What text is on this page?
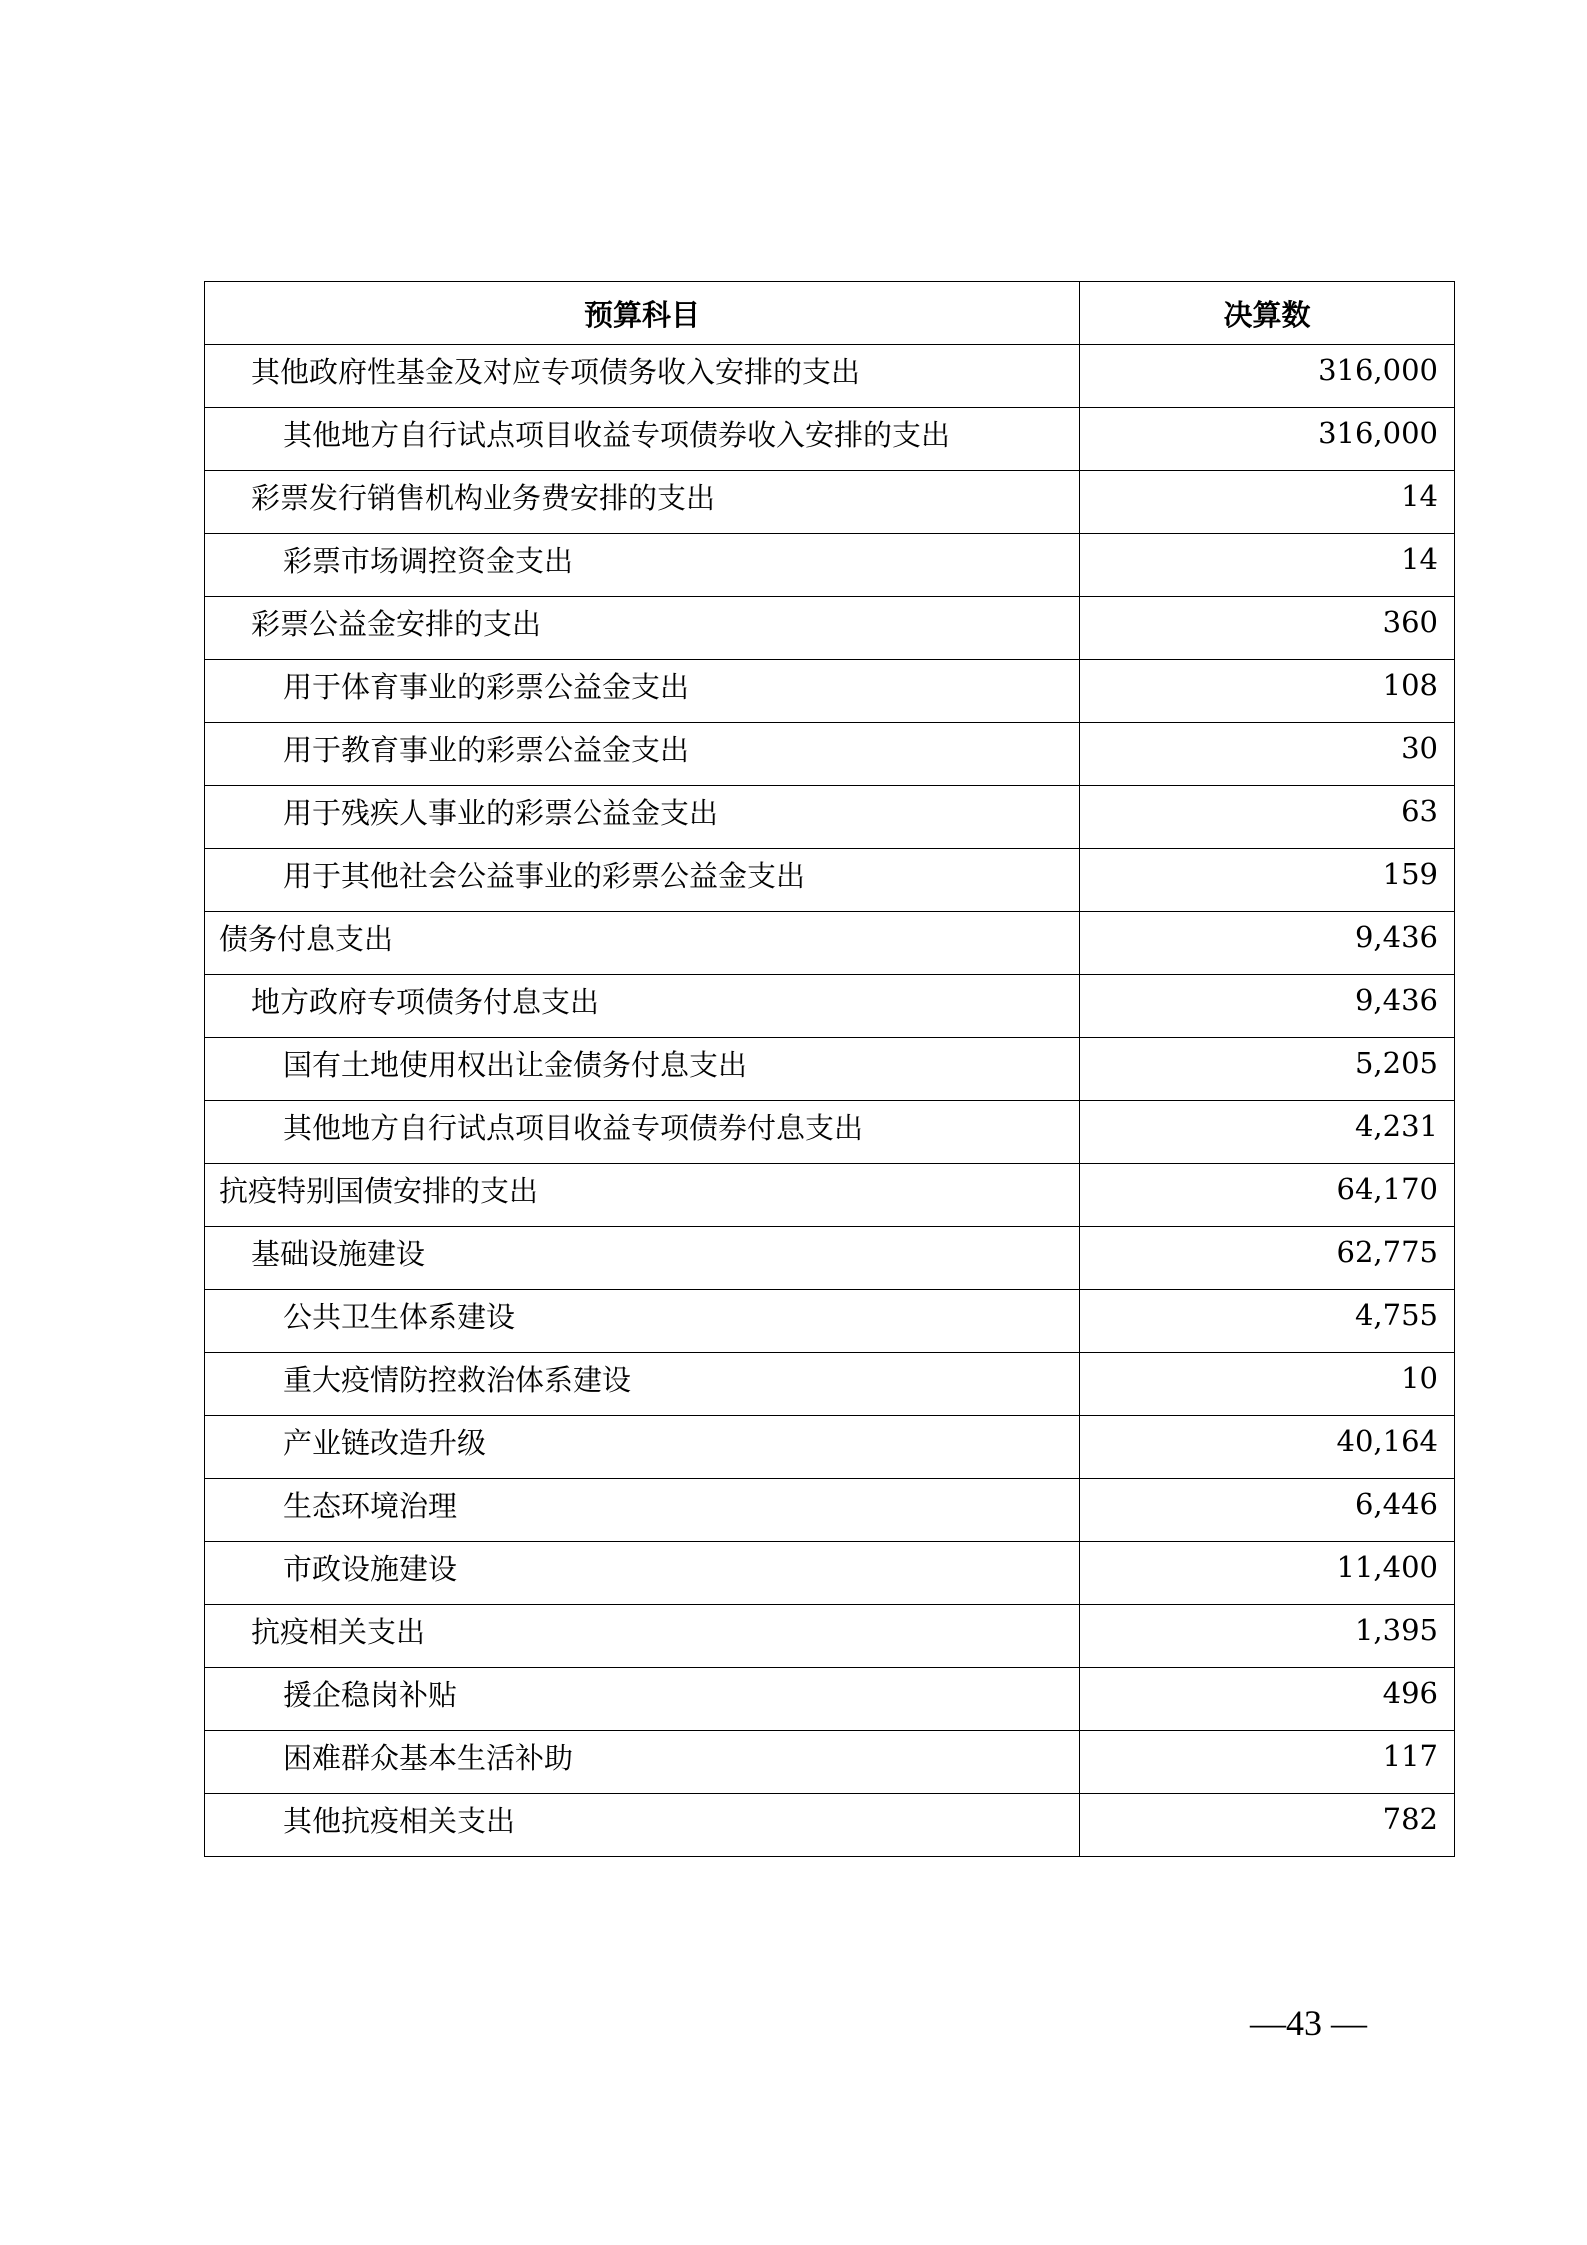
预算科目	决算数
其他政府性基金及对应专项债务收入安排的支出	316,000
其他地方自行试点项目收益专项债券收入安排的支出	316,000
彩票发行销售机构业务费安排的支出	14
彩票市场调控资金支出	14
彩票公益金安排的支出	360
用于体育事业的彩票公益金支出	108
用于教育事业的彩票公益金支出	30
用于残疾人事业的彩票公益金支出	63
用于其他社会公益事业的彩票公益金支出	159
债务付息支出	9,436
地方政府专项债务付息支出	9,436
国有土地使用权出让金债务付息支出	5,205
其他地方自行试点项目收益专项债券付息支出	4,231
抗疫特别国债安排的支出	64,170
基础设施建设	62,775
公共卫生体系建设	4,755
重大疫情防控救治体系建设	10
产业链改造升级	40,164
生态环境治理	6,446
市政设施建设	11,400
抗疫相关支出	1,395
援企稳岗补贴	496
困难群众基本生活补助	117
其他抗疫相关支出	782
—43 —
